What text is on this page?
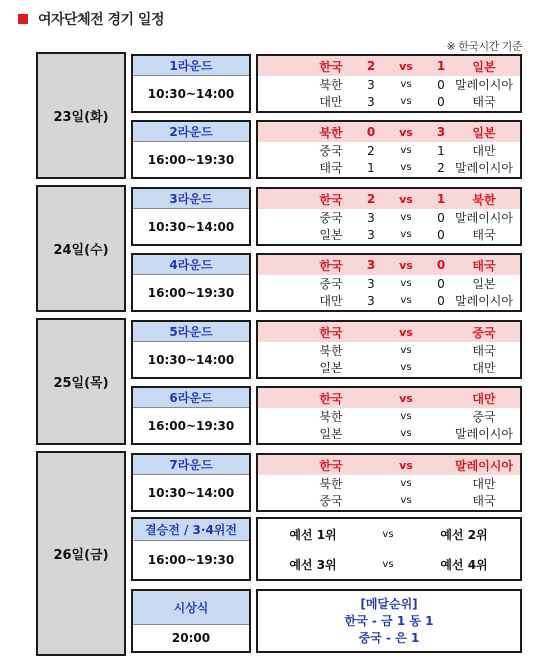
여자단체전 경기 일정
※ 한국시간 기준
23일(화)
24일(수)
25일(목)
26일(금)
1라운드
10:30~14:00
한국	2	vs	1	일본
북한	3	vs	0 말레이시아
대만	3	vs	0	태국
2라운드
16:00~19:30
북한	0	vs	3	일본
중국	2	vs	1	대만
태국	1	vs	2 말레이시아
3라운드
10:30~14:00
한국	2	vs	1	북한
중국	3	vs	0 말레이시아
일본	3	vs	0	태국
4라운드
16:00~19:30
한국	3	vs	0	태국
중국	3	vs	0	일본
대만	3	vs	0 말레이시아
5라운드
10:30~14:00
한국	vs	중국
북한	vs	태국
일본	vs	대만
6라운드
16:00~19:30
한국	vs	대만
북한	vs	중국
일본	vs	말레이시아
7라운드
10:30~14:00
한국	vs	말레이시아
북한	vs	대만
중국	vs	태국
결승전 / 3·4위전
16:00~19:30
예선 1위	vs	예선 2위
예선 3위	vs	예선 4위
시상식
20:00
[메달순위]
한국 - 금 1 동 1
중국 - 은 1
